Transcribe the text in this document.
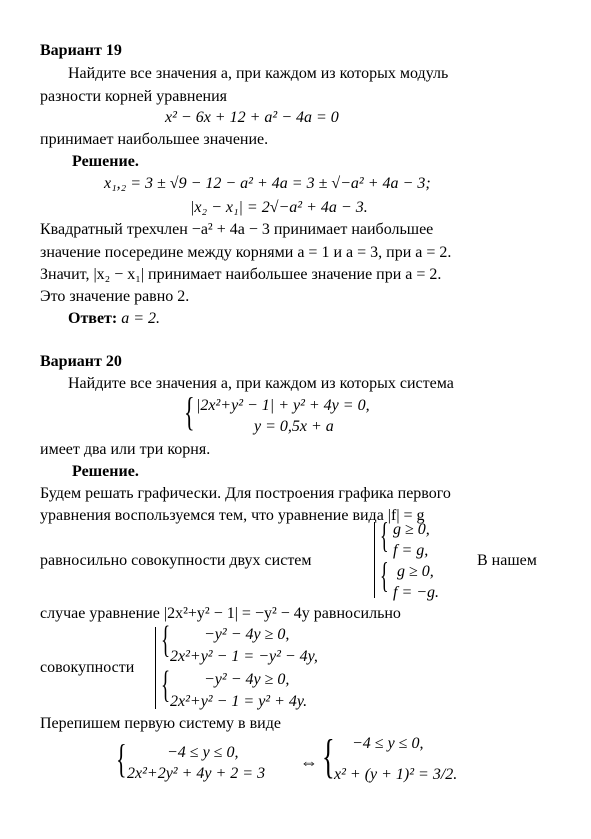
Вариант 19
Найдите все значения a, при каждом из которых модуль
разности корней уравнения
x² − 6x + 12 + a² − 4a = 0
принимает наибольшее значение.
Решение.
x₁,₂ = 3 ± √9 − 12 − a² + 4a = 3 ± √−a² + 4a − 3;
|x₂ − x₁| = 2√−a² + 4a − 3.
Квадратный трехчлен −a² + 4a − 3 принимает наибольшее
значение посередине между корнями a = 1 и a = 3, при a = 2.
Значит, |x₂ − x₁| принимает наибольшее значение при a = 2.
Это значение равно 2.
Ответ: a = 2.
Вариант 20
Найдите все значения a, при каждом из которых система
{ |2x²+y² − 1| + y² + 4y = 0,
y = 0,5x + a
имеет два или три корня.
Решение.
Будем решать графически. Для построения графика первого
уравнения воспользуемся тем, что уравнение вида |f| = g
равносильно совокупности двух систем
{
{
g ≥ 0,
f = g,
g ≥ 0,
f = −g.
В нашем
случае уравнение |2x²+y² − 1| = −y² − 4y равносильно
совокупности
{
{
−y² − 4y ≥ 0,
2x²+y² − 1 = −y² − 4y,
−y² − 4y ≥ 0,
2x²+y² − 1 = y² + 4y.
Перепишем первую систему в виде
{	−4 ≤ y ≤ 0,
2x²+2y² + 4y + 2 = 3
⇔ { −4 ≤ y ≤ 0,
x² + (y + 1)² = 3/2.
